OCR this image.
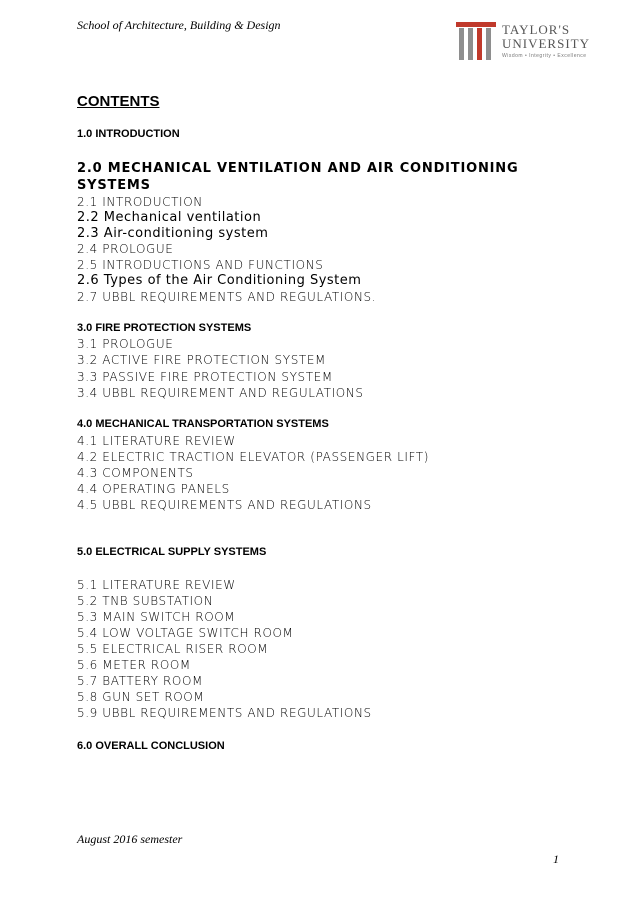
School of Architecture, Building & Design	TAYLOR'S
UNIVERSITY
Wisdom • Integrity • Excellence
CONTENTS
1.0 INTRODUCTION
2.0 MECHANICAL VENTILATION AND AIR CONDITIONING
SYSTEMS
2.1 INTRODUCTION
2.2 Mechanical ventilation
2.3 Air-conditioning system
2.4 PROLOGUE
2.5 INTRODUCTIONS AND FUNCTIONS
2.6 Types of the Air Conditioning System
2.7 UBBL REQUIREMENTS AND REGULATIONS.
3.0 FIRE PROTECTION SYSTEMS
3.1 PROLOGUE
3.2 ACTIVE FIRE PROTECTION SYSTEM
3.3 PASSIVE FIRE PROTECTION SYSTEM
3.4 UBBL REQUIREMENT AND REGULATIONS
4.0 MECHANICAL TRANSPORTATION SYSTEMS
4.1 LITERATURE REVIEW
4.2 ELECTRIC TRACTION ELEVATOR (PASSENGER LIFT)
4.3 COMPONENTS
4.4 OPERATING PANELS
4.5 UBBL REQUIREMENTS AND REGULATIONS
5.0 ELECTRICAL SUPPLY SYSTEMS
5.1 LITERATURE REVIEW
5.2 TNB SUBSTATION
5.3 MAIN SWITCH ROOM
5.4 LOW VOLTAGE SWITCH ROOM
5.5 ELECTRICAL RISER ROOM
5.6 METER ROOM
5.7 BATTERY ROOM
5.8 GUN SET ROOM
5.9 UBBL REQUIREMENTS AND REGULATIONS
6.0 OVERALL CONCLUSION
August 2016 semester
1
